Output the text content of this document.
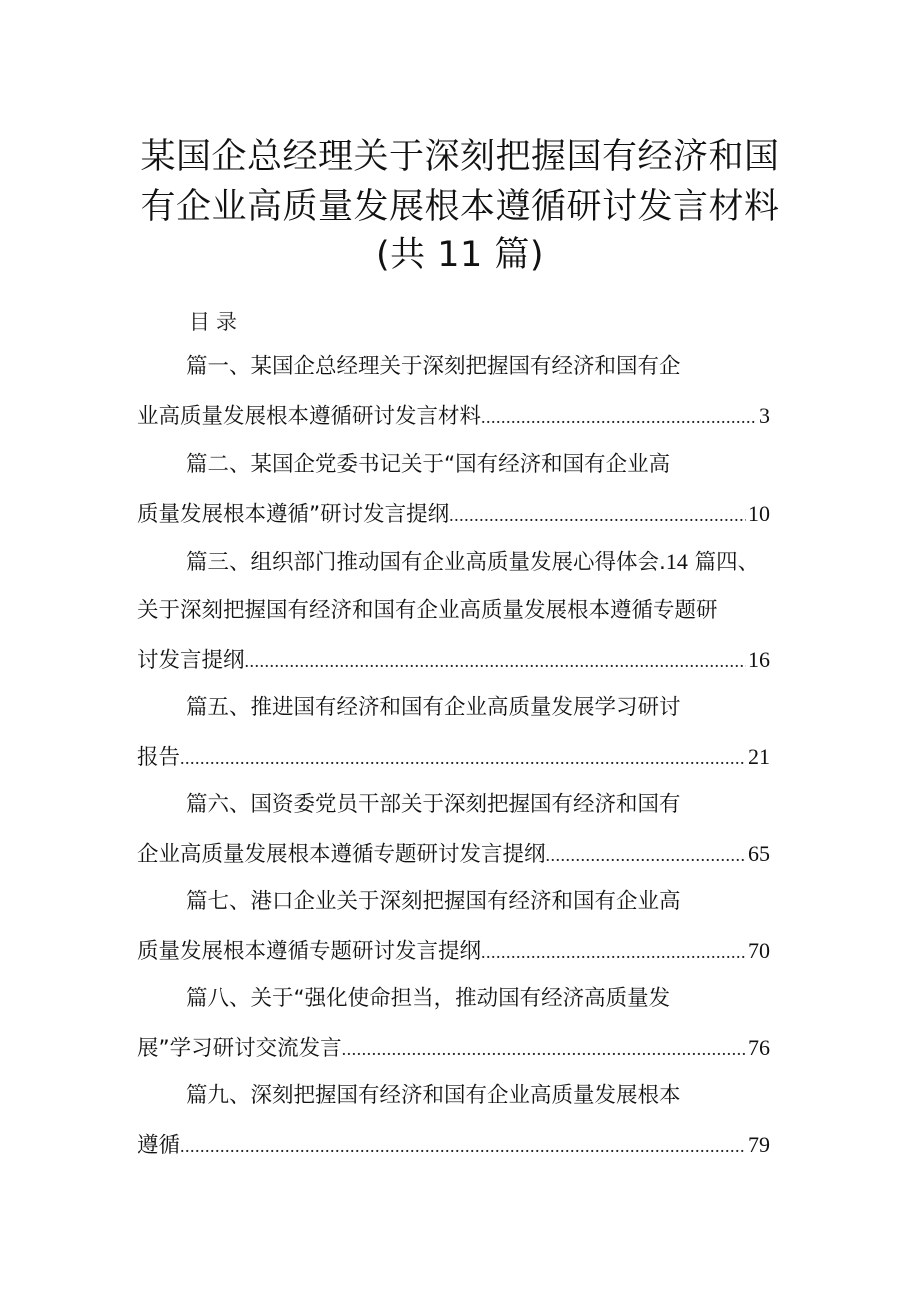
某国企总经理关于深刻把握国有经济和国
有企业高质量发展根本遵循研讨发言材料
(共 11 篇)
目录
篇一、某国企总经理关于深刻把握国有经济和国有企
业高质量发展根本遵循研讨发言材料 .....	3
篇二、某国企党委书记关于“国有经济和国有企业高
质量发展根本遵循”研讨发言提纲 .....	10
篇三、组织部门推动国有企业高质量发展心得体会.14 篇四、
关于深刻把握国有经济和国有企业高质量发展根本遵循专题研
讨发言提纲 .....	16
篇五、推进国有经济和国有企业高质量发展学习研讨
报告 .....	21
篇六、国资委党员干部关于深刻把握国有经济和国有
企业高质量发展根本遵循专题研讨发言提纲 .....	65
篇七、港口企业关于深刻把握国有经济和国有企业高
质量发展根本遵循专题研讨发言提纲 .....	70
篇八、关于“强化使命担当，推动国有经济高质量发
展”学习研讨交流发言 .....	76
篇九、深刻把握国有经济和国有企业高质量发展根本
遵循 .....	79
